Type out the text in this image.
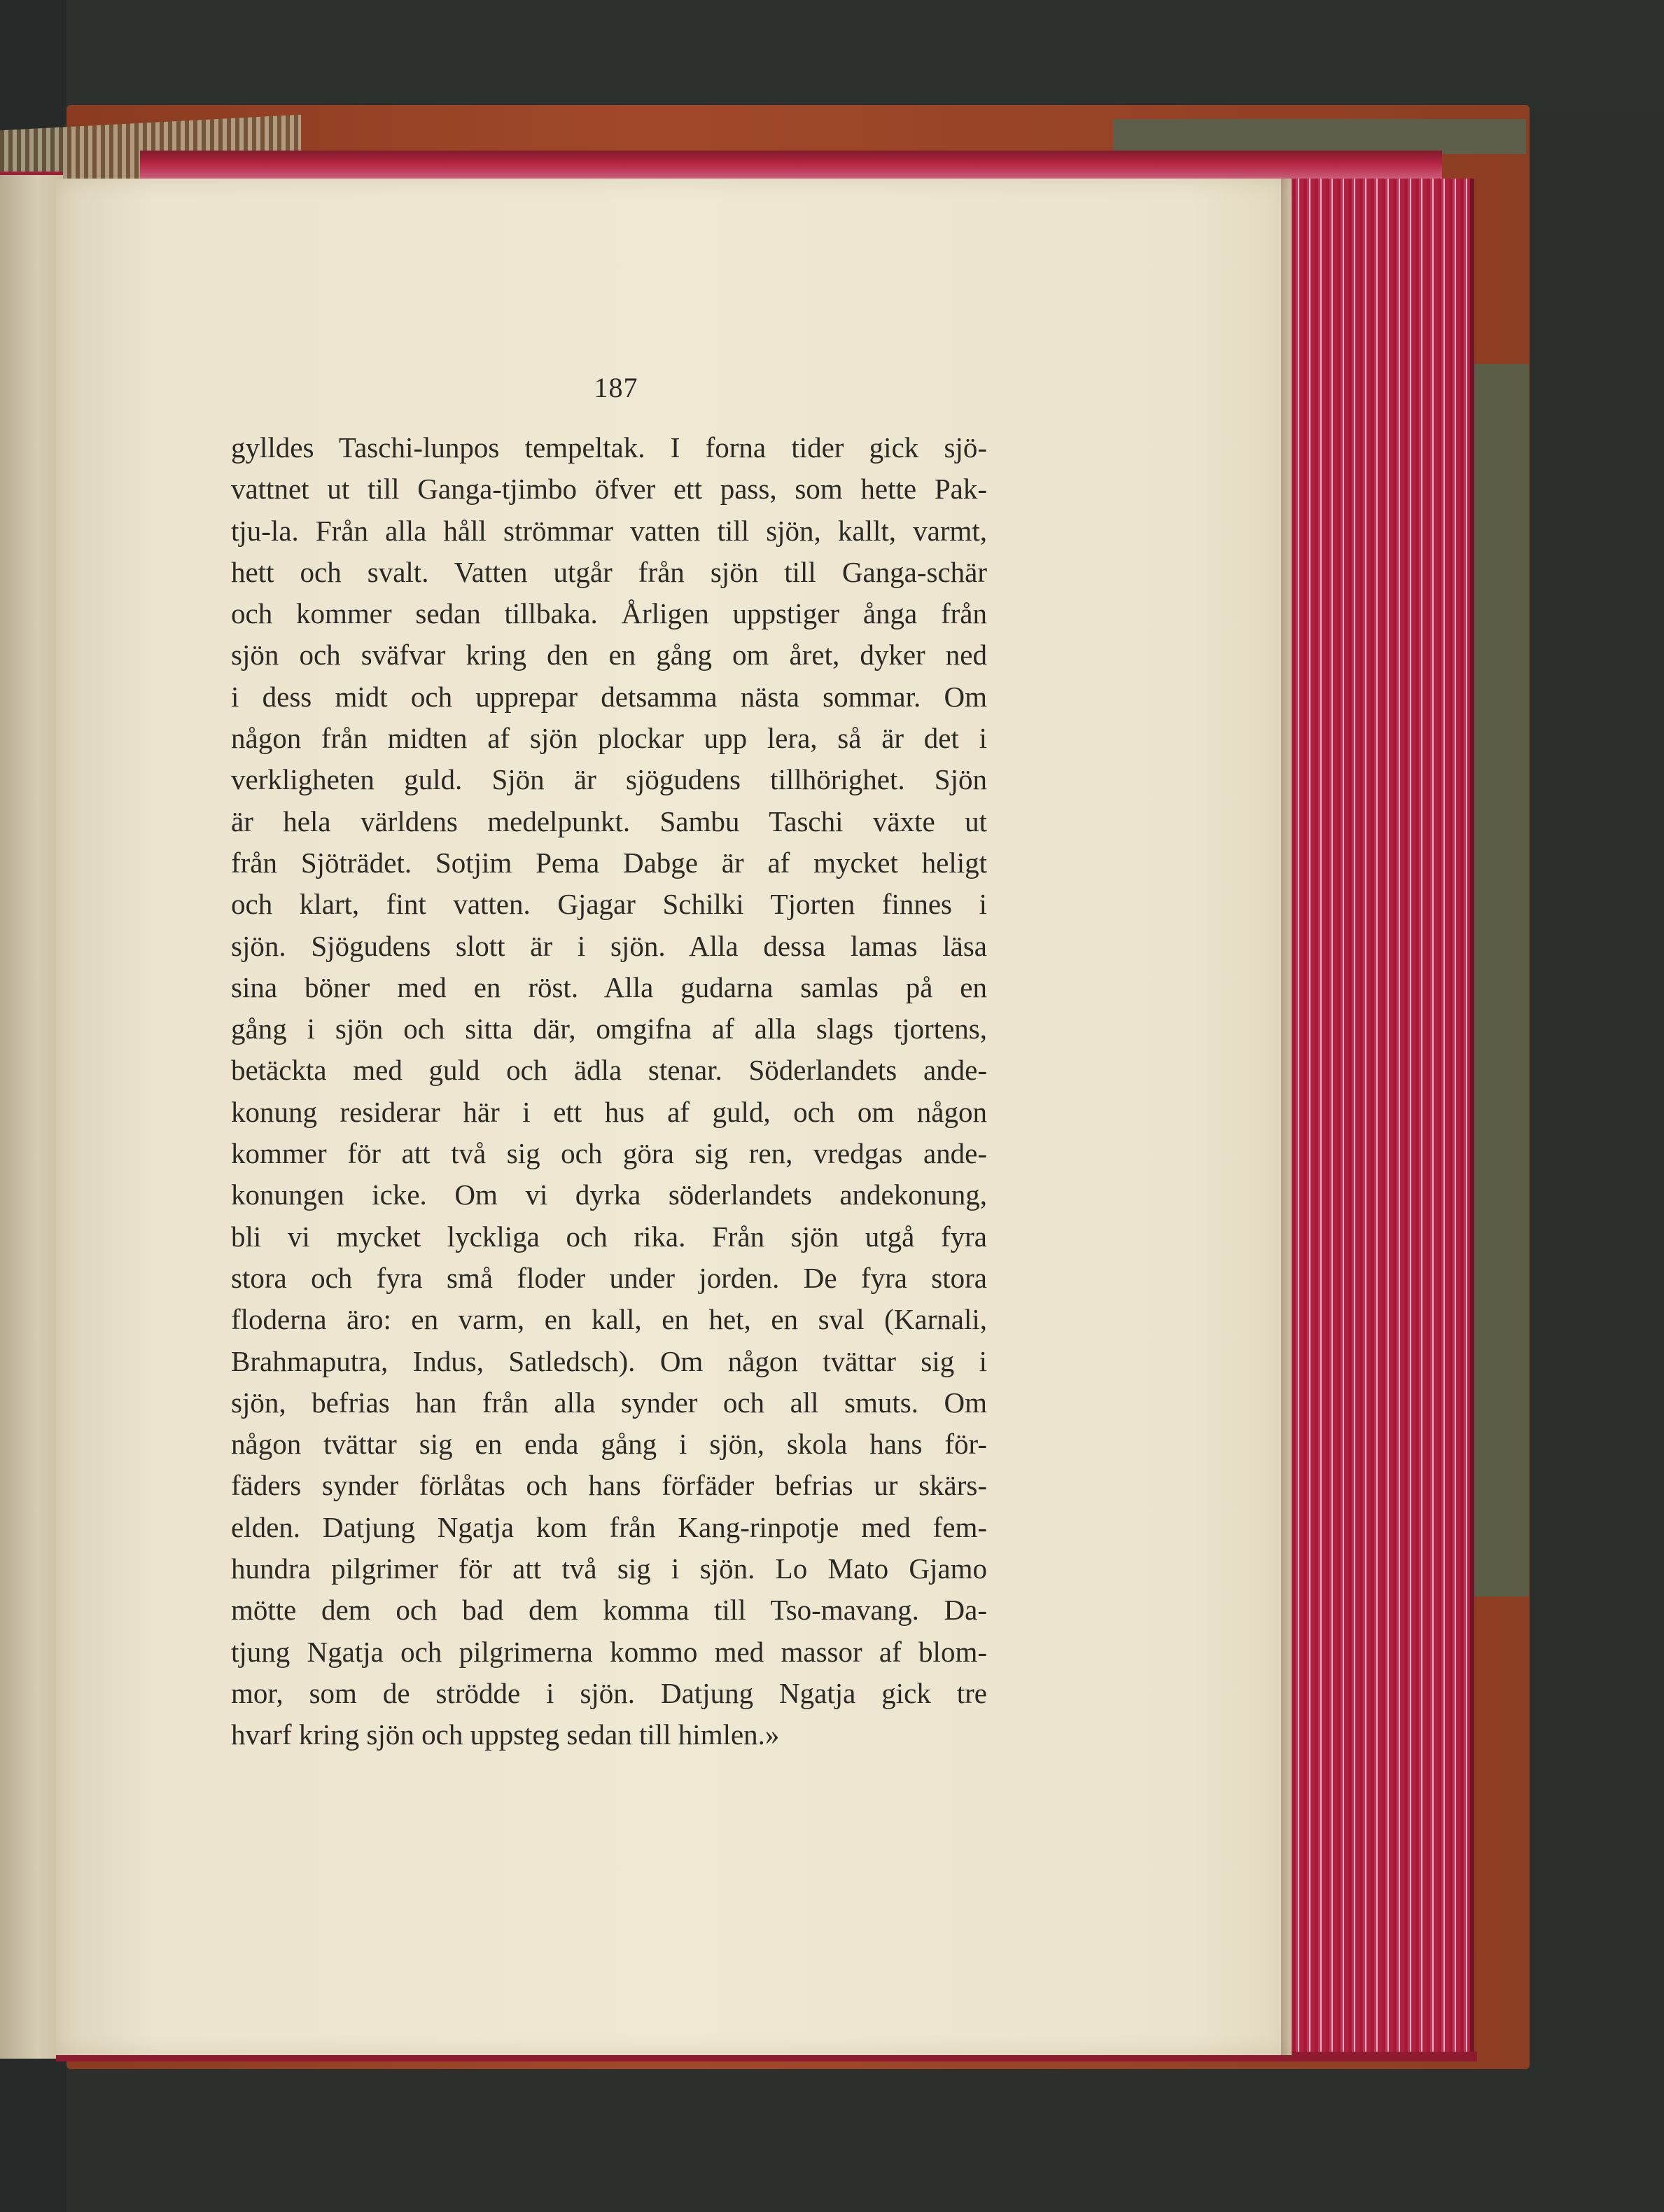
187
gylldes Taschi-lunpos tempeltak. I forna tider gick sjö-
vattnet ut till Ganga-tjimbo öfver ett pass, som hette Pak-
tju-la. Från alla håll strömmar vatten till sjön, kallt, varmt,
hett och svalt. Vatten utgår från sjön till Ganga-schär
och kommer sedan tillbaka. Årligen uppstiger ånga från
sjön och sväfvar kring den en gång om året, dyker ned
i dess midt och upprepar detsamma nästa sommar. Om
någon från midten af sjön plockar upp lera, så är det i
verkligheten guld. Sjön är sjögudens tillhörighet. Sjön
är hela världens medelpunkt. Sambu Taschi växte ut
från Sjöträdet. Sotjim Pema Dabge är af mycket heligt
och klart, fint vatten. Gjagar Schilki Tjorten finnes i
sjön. Sjögudens slott är i sjön. Alla dessa lamas läsa
sina böner med en röst. Alla gudarna samlas på en
gång i sjön och sitta där, omgifna af alla slags tjortens,
betäckta med guld och ädla stenar. Söderlandets ande-
konung residerar här i ett hus af guld, och om någon
kommer för att två sig och göra sig ren, vredgas ande-
konungen icke. Om vi dyrka söderlandets andekonung,
bli vi mycket lyckliga och rika. Från sjön utgå fyra
stora och fyra små floder under jorden. De fyra stora
floderna äro: en varm, en kall, en het, en sval (Karnali,
Brahmaputra, Indus, Satledsch). Om någon tvättar sig i
sjön, befrias han från alla synder och all smuts. Om
någon tvättar sig en enda gång i sjön, skola hans för-
fäders synder förlåtas och hans förfäder befrias ur skärs-
elden. Datjung Ngatja kom från Kang-rinpotje med fem-
hundra pilgrimer för att två sig i sjön. Lo Mato Gjamo
mötte dem och bad dem komma till Tso-mavang. Da-
tjung Ngatja och pilgrimerna kommo med massor af blom-
mor, som de strödde i sjön. Datjung Ngatja gick tre
hvarf kring sjön och uppsteg sedan till himlen.»
